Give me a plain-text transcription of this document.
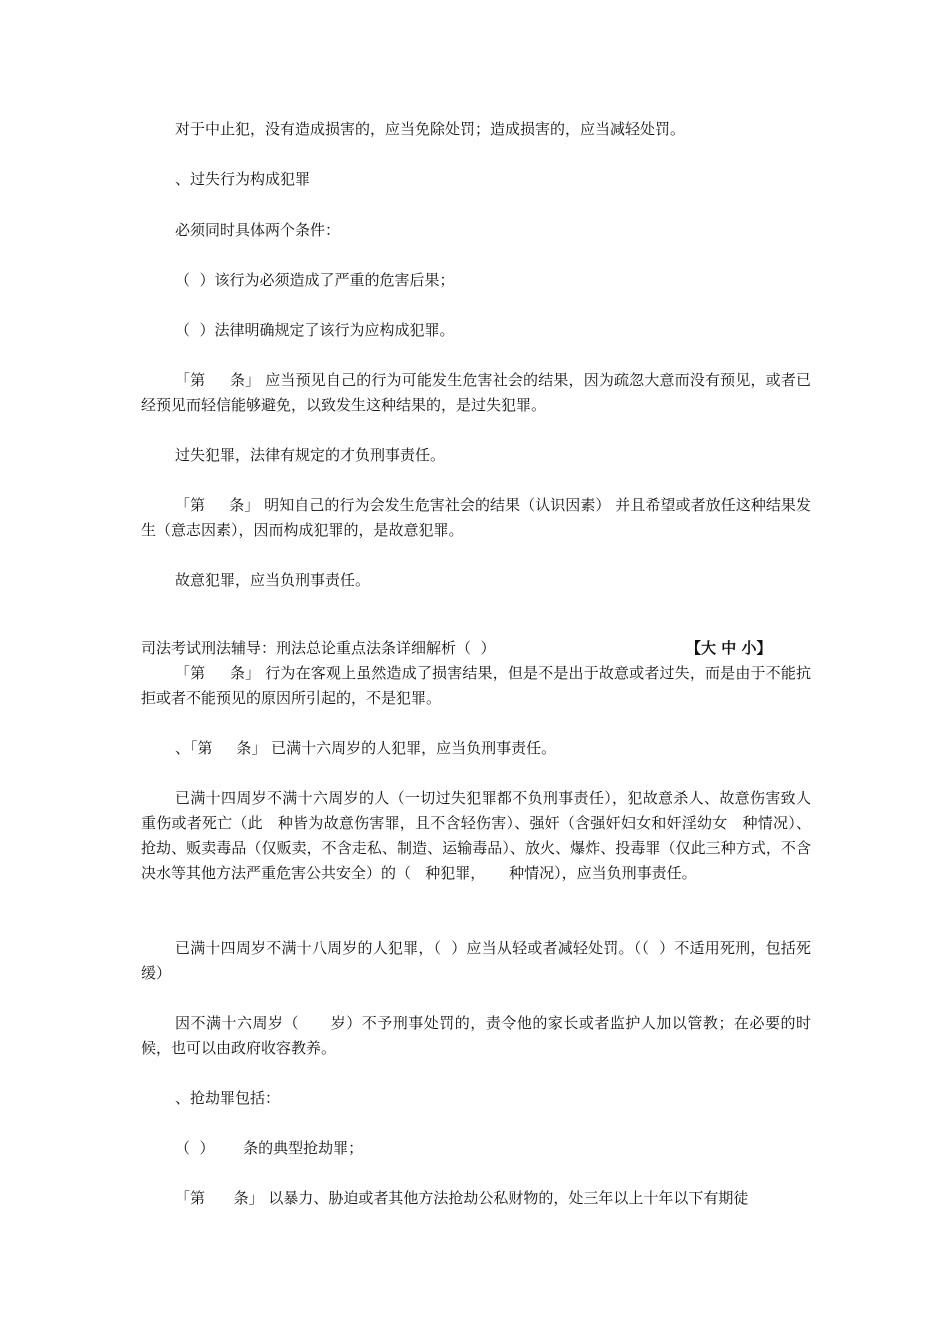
对于中止犯，没有造成损害的，应当免除处罚；造成损害的，应当减轻处罚。

、过失行为构成犯罪

必须同时具体两个条件：

（  ）该行为必须造成了严重的危害后果；

（  ）法律明确规定了该行为应构成犯罪。

「第     条」 应当预见自己的行为可能发生危害社会的结果，因为疏忽大意而没有预见，或者已经预见而轻信能够避免，以致发生这种结果的，是过失犯罪。

过失犯罪，法律有规定的才负刑事责任。

「第     条」 明知自己的行为会发生危害社会的结果（认识因素） 并且希望或者放任这种结果发生（意志因素），因而构成犯罪的，是故意犯罪。

故意犯罪，应当负刑事责任。

司法考试刑法辅导：刑法总论重点法条详细解析（  ）	【大 中 小】

「第     条」 行为在客观上虽然造成了损害结果，但是不是出于故意或者过失，而是由于不能抗拒或者不能预见的原因所引起的，不是犯罪。

、「第     条」 已满十六周岁的人犯罪，应当负刑事责任。

已满十四周岁不满十六周岁的人（一切过失犯罪都不负刑事责任），犯故意杀人、故意伤害致人重伤或者死亡（此   种皆为故意伤害罪，且不含轻伤害）、强奸（含强奸妇女和奸淫幼女   种情况）、抢劫、贩卖毒品（仅贩卖，不含走私、制造、运输毒品）、放火、爆炸、投毒罪（仅此三种方式，不含决水等其他方法严重危害公共安全）的（   种犯罪，     种情况），应当负刑事责任。

已满十四周岁不满十八周岁的人犯罪，（  ）应当从轻或者减轻处罚。（（  ）不适用死刑，包括死缓）

因不满十六周岁（      岁）不予刑事处罚的，责令他的家长或者监护人加以管教；在必要的时候，也可以由政府收容教养。

、抢劫罪包括：

（  ）      条的典型抢劫罪；

「第      条」 以暴力、胁迫或者其他方法抢劫公私财物的，处三年以上十年以下有期徒
